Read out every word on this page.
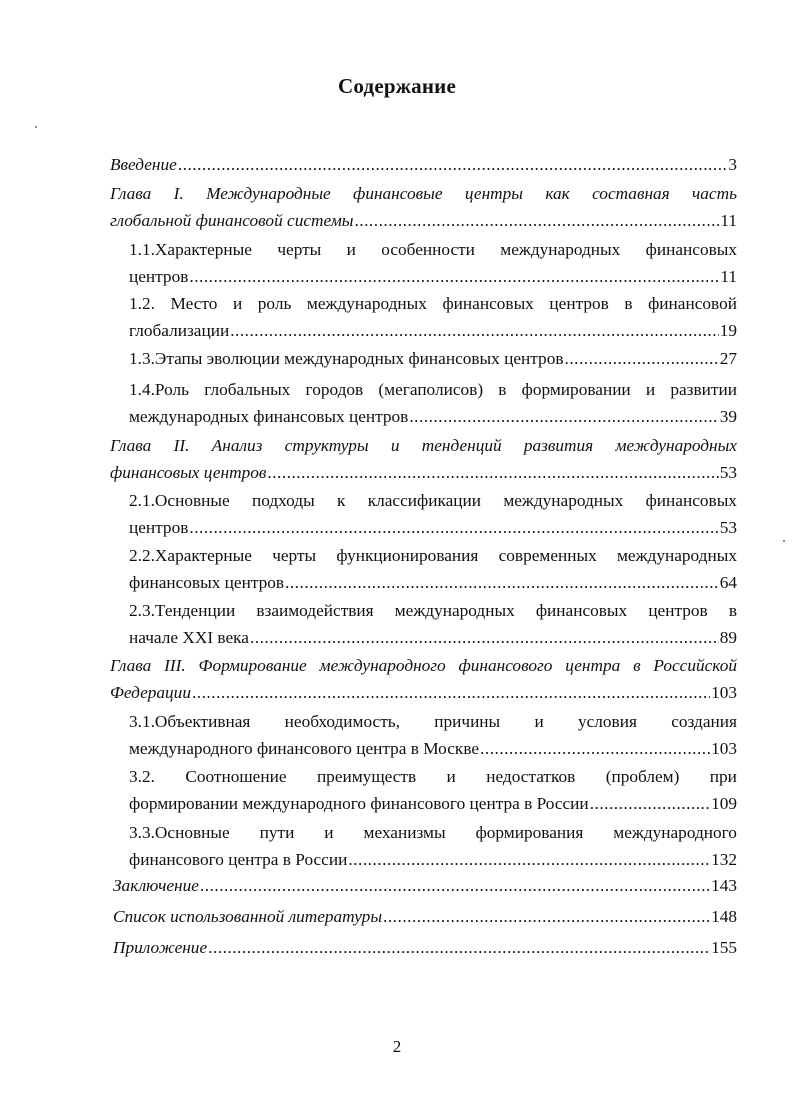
Содержание
Введение .....	3
Глава I. Международные финансовые центры как составная часть
глобальной финансовой системы .....	11
1.1.Характерные черты и особенности международных финансовых
центров .....	11
1.2. Место и роль международных финансовых центров в финансовой
глобализации .....	19
1.3.Этапы эволюции международных финансовых центров .....	27
1.4.Роль глобальных городов (мегаполисов) в формировании и развитии
международных финансовых центров .....	39
Глава II. Анализ структуры и тенденций развития международных
финансовых центров .....	53
2.1.Основные подходы к классификации международных финансовых
центров .....	53
2.2.Характерные черты функционирования современных международных
финансовых центров .....	64
2.3.Тенденции взаимодействия международных финансовых центров в
начале XXI века .....	89
Глава III. Формирование международного финансового центра в Российской
Федерации .....	103
3.1.Объективная необходимость, причины и условия создания
международного финансового центра в Москве .....	103
3.2. Соотношение преимуществ и недостатков (проблем) при
формировании международного финансового центра в России .....	109
3.3.Основные пути и механизмы формирования международного
финансового центра в России .....	132
Заключение .....	143
Список использованной литературы .....	148
Приложение .....	155
2
